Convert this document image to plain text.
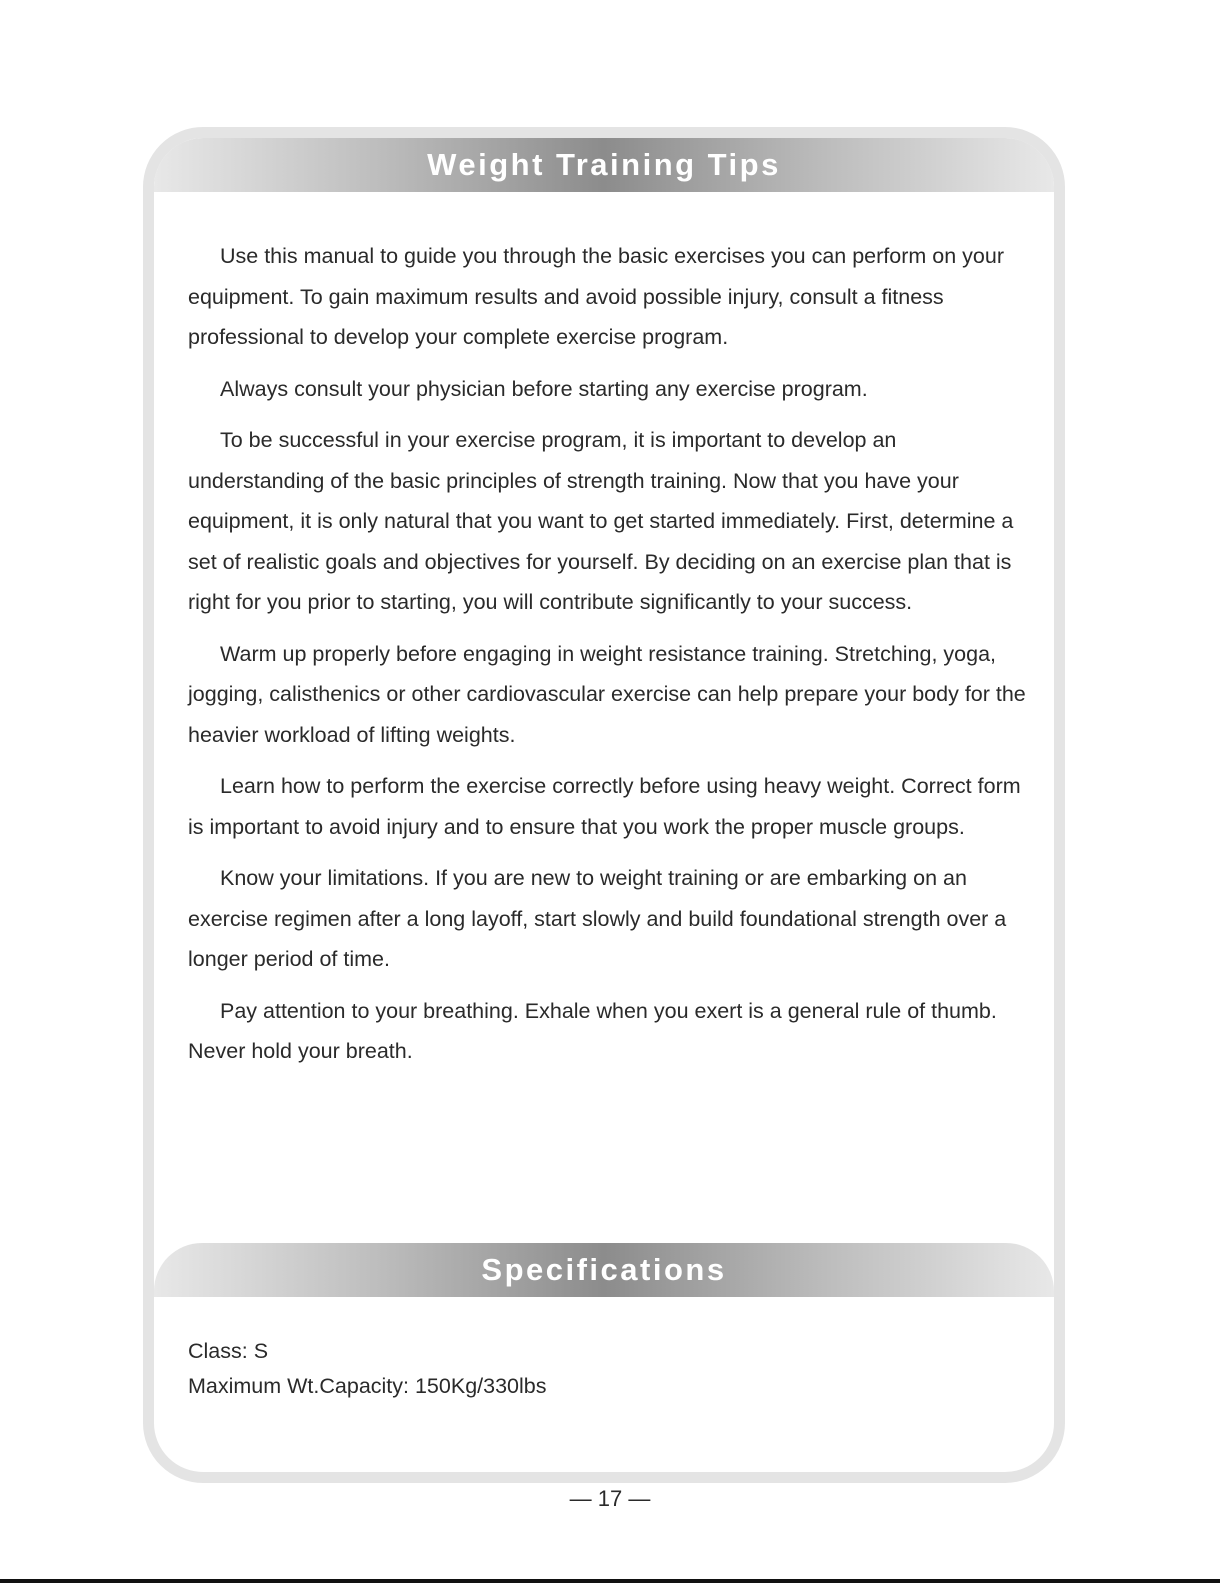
Weight Training Tips

Use this manual to guide you through the basic exercises you can perform on your equipment. To gain maximum results and avoid possible injury, consult a fitness professional to develop your complete exercise program.

Always consult your physician before starting any exercise program.

To be successful in your exercise program, it is important to develop an understanding of the basic principles of strength training. Now that you have your equipment, it is only natural that you want to get started immediately. First, determine a set of realistic goals and objectives for yourself. By deciding on an exercise plan that is right for you prior to starting, you will contribute significantly to your success.

Warm up properly before engaging in weight resistance training. Stretching, yoga, jogging, calisthenics or other cardiovascular exercise can help prepare your body for the heavier workload of lifting weights.

Learn how to perform the exercise correctly before using heavy weight. Correct form is important to avoid injury and to ensure that you work the proper muscle groups.

Know your limitations. If you are new to weight training or are embarking on an exercise regimen after a long layoff, start slowly and build foundational strength over a longer period of time.

Pay attention to your breathing. Exhale when you exert is a general rule of thumb. Never hold your breath.

Specifications
Class: S
Maximum Wt.Capacity: 150Kg/330lbs
— 17 —
